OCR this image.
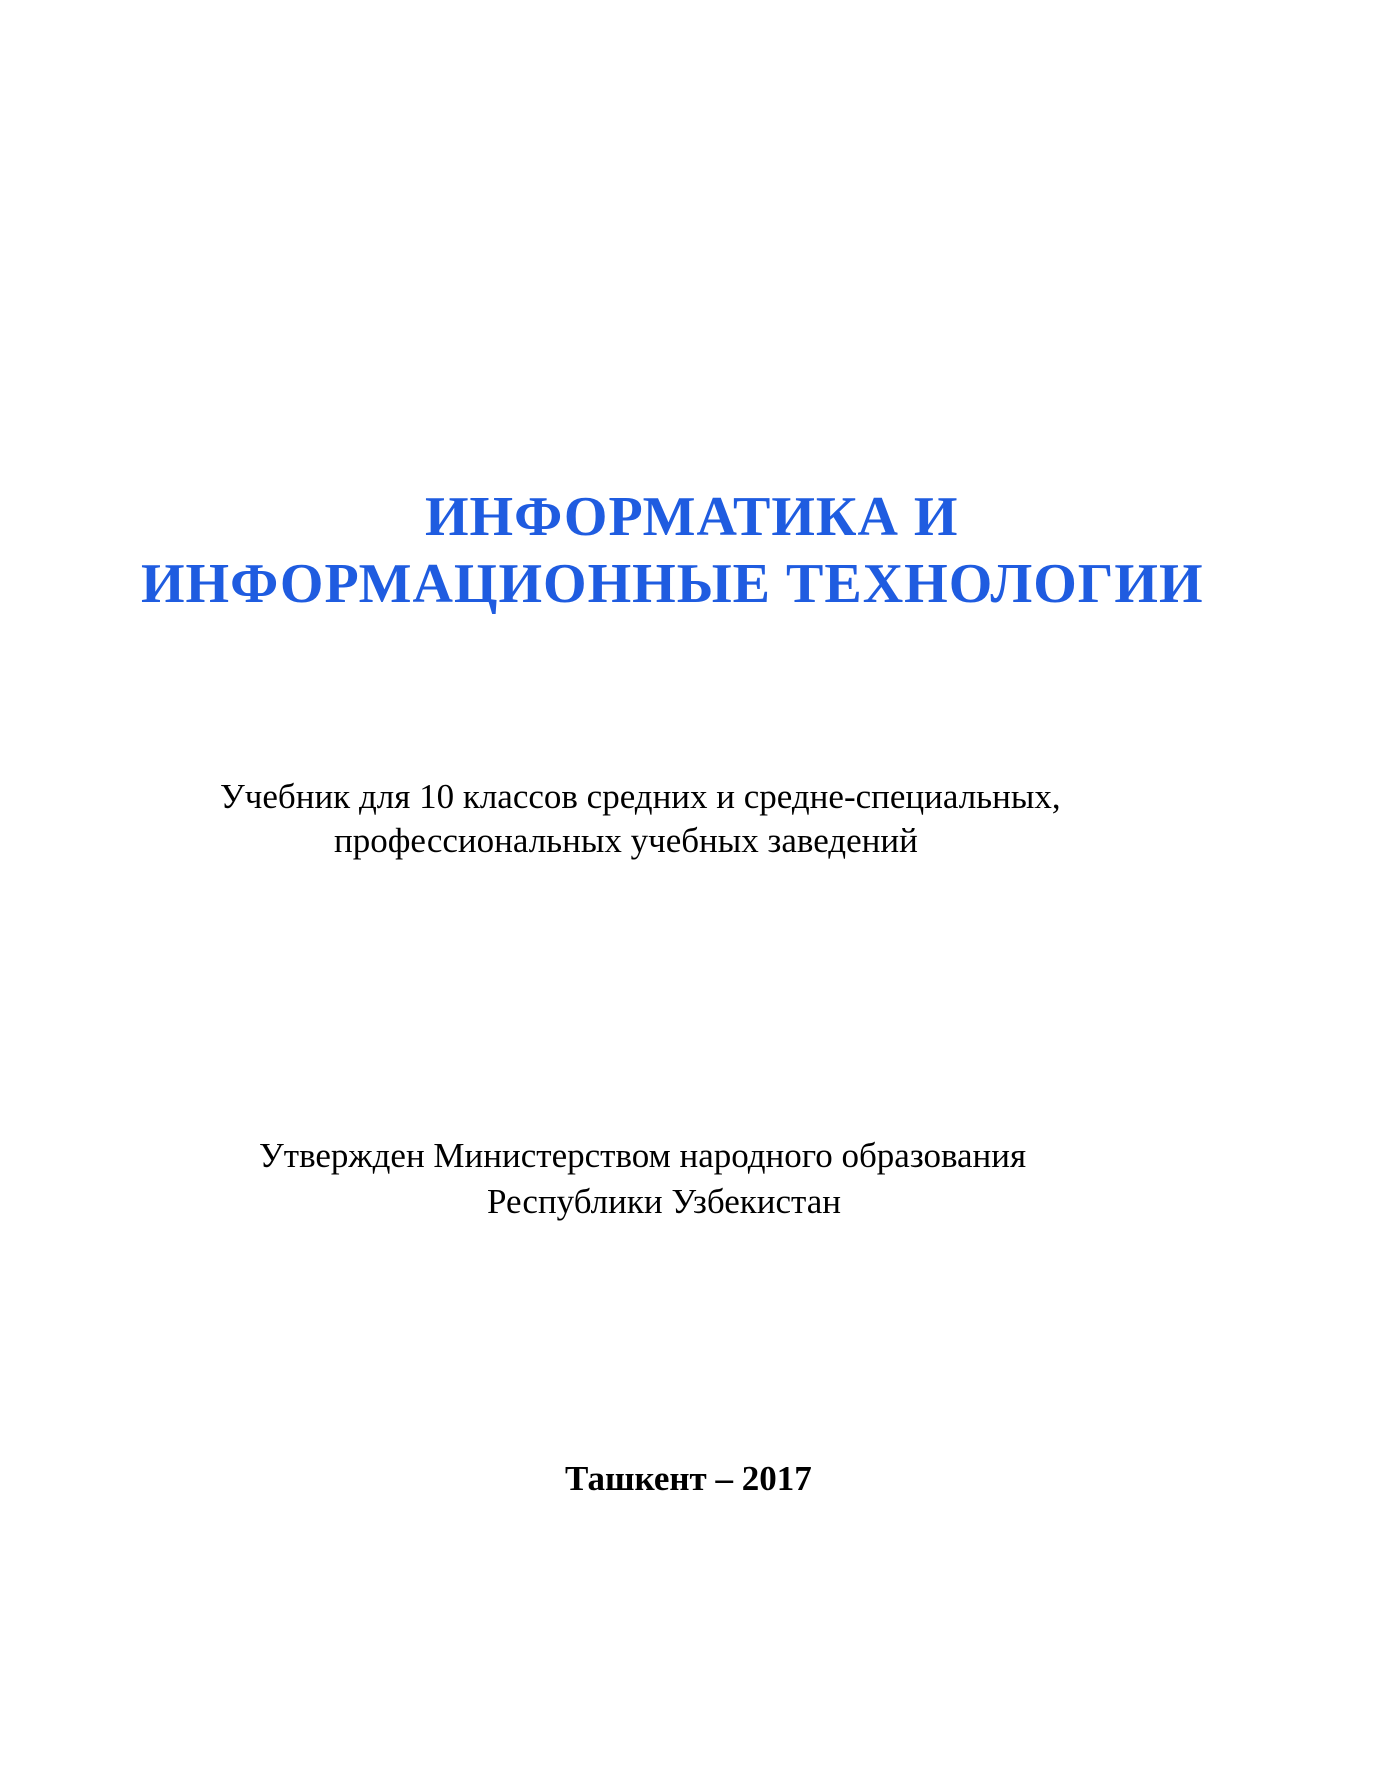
ИНФОРМАТИКА И
ИНФОРМАЦИОННЫЕ ТЕХНОЛОГИИ
Учебник для 10 классов средних и средне-специальных,
профессиональных учебных заведений
Утвержден Министерством народного образования
Республики Узбекистан
Ташкент – 2017
